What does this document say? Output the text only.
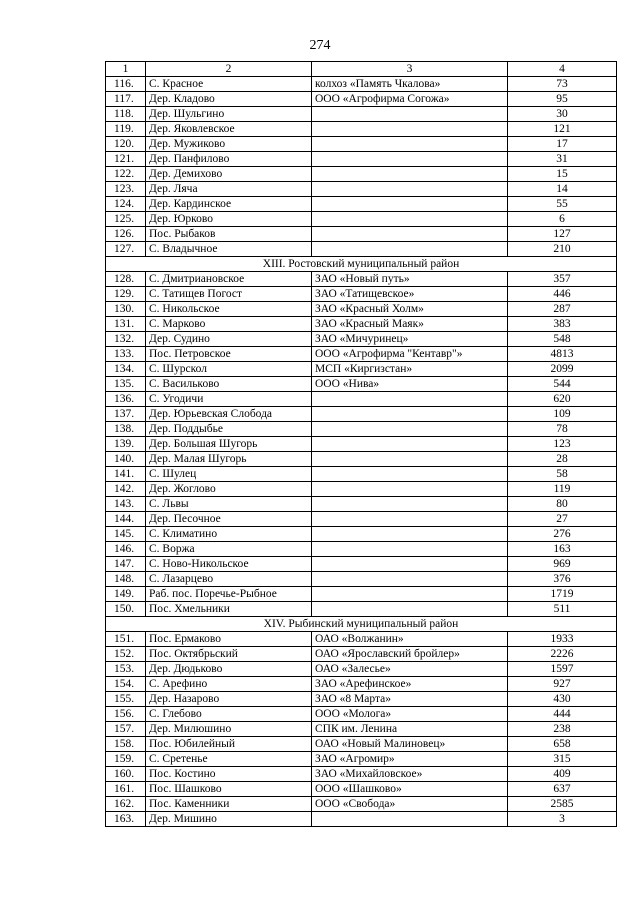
274
1	2	3	4
116.	С. Красное	колхоз «Память Чкалова»	73
117.	Дер. Кладово	ООО «Агрофирма Согожа»	95
118.	Дер. Шульгино		30
119.	Дер. Яковлевское		121
120.	Дер. Мужиково		17
121.	Дер. Панфилово		31
122.	Дер. Демихово		15
123.	Дер. Ляча		14
124.	Дер. Кардинское		55
125.	Дер. Юрково		6
126.	Пос. Рыбаков		127
127.	С. Владычное		210
XIII. Ростовский муниципальный район			
128.	С. Дмитриановское	ЗАО «Новый путь»	357
129.	С. Татищев Погост	ЗАО «Татищевское»	446
130.	С. Никольское	ЗАО «Красный Холм»	287
131.	С. Марково	ЗАО «Красный Маяк»	383
132.	Дер. Судино	ЗАО «Мичуринец»	548
133.	Пос. Петровское	ООО «Агрофирма "Кентавр"»	4813
134.	С. Шурскол	МСП «Киргизстан»	2099
135.	С. Васильково	ООО «Нива»	544
136.	С. Угодичи		620
137.	Дер. Юрьевская Слобода		109
138.	Дер. Поддыбье		78
139.	Дер. Большая Шугорь		123
140.	Дер. Малая Шугорь		28
141.	С. Шулец		58
142.	Дер. Жоглово		119
143.	С. Львы		80
144.	Дер. Песочное		27
145.	С. Климатино		276
146.	С. Воржа		163
147.	С. Ново-Никольское		969
148.	С. Лазарцево		376
149.	Раб. пос. Поречье-Рыбное		1719
150.	Пос. Хмельники		511
XIV. Рыбинский муниципальный район			
151.	Пос. Ермаково	ОАО «Волжанин»	1933
152.	Пос. Октябрьский	ОАО «Ярославский бройлер»	2226
153.	Дер. Дюдьково	ОАО «Залесье»	1597
154.	С. Арефино	ЗАО «Арефинское»	927
155.	Дер. Назарово	ЗАО «8 Марта»	430
156.	С. Глебово	ООО «Молога»	444
157.	Дер. Милюшино	СПК им. Ленина	238
158.	Пос. Юбилейный	ОАО «Новый Малиновец»	658
159.	С. Сретенье	ЗАО «Агромир»	315
160.	Пос. Костино	ЗАО «Михайловское»	409
161.	Пос. Шашково	ООО «Шашково»	637
162.	Пос. Каменники	ООО «Свобода»	2585
163.	Дер. Мишино		3
